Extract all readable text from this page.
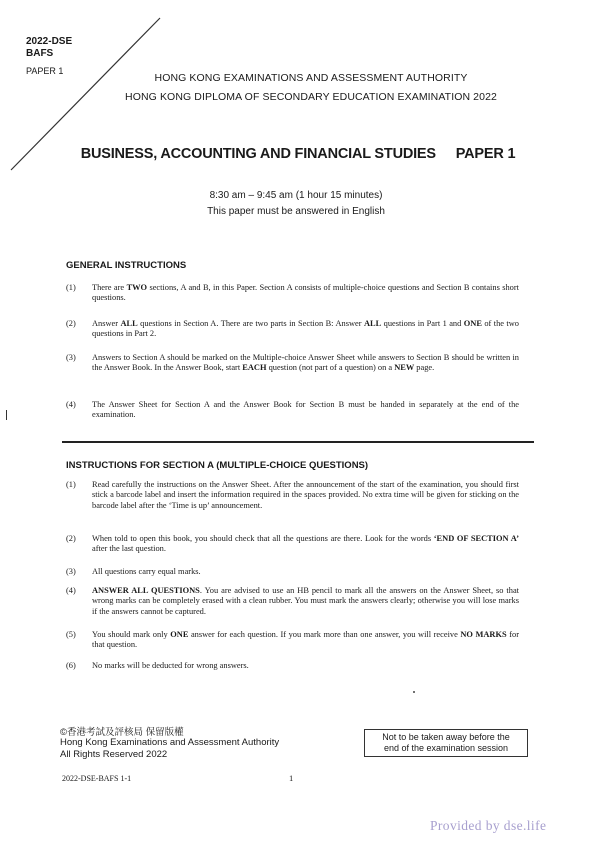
2022-DSE
BAFS
PAPER 1
HONG KONG EXAMINATIONS AND ASSESSMENT AUTHORITY
HONG KONG DIPLOMA OF SECONDARY EDUCATION EXAMINATION 2022
BUSINESS, ACCOUNTING AND FINANCIAL STUDIES PAPER 1
8:30 am – 9:45 am (1 hour 15 minutes)
This paper must be answered in English
GENERAL INSTRUCTIONS
(1)	There are TWO sections, A and B, in this Paper. Section A consists of multiple-choice questions and Section B contains short questions.
(2)	Answer ALL questions in Section A. There are two parts in Section B: Answer ALL questions in Part 1 and ONE of the two questions in Part 2.
(3)	Answers to Section A should be marked on the Multiple-choice Answer Sheet while answers to Section B should be written in the Answer Book. In the Answer Book, start EACH question (not part of a question) on a NEW page.
(4)	The Answer Sheet for Section A and the Answer Book for Section B must be handed in separately at the end of the examination.
INSTRUCTIONS FOR SECTION A (MULTIPLE-CHOICE QUESTIONS)
(1)	Read carefully the instructions on the Answer Sheet. After the announcement of the start of the examination, you should first stick a barcode label and insert the information required in the spaces provided. No extra time will be given for sticking on the barcode label after the ‘Time is up’ announcement.
(2)	When told to open this book, you should check that all the questions are there. Look for the words ‘END OF SECTION A’ after the last question.
(3)	All questions carry equal marks.
(4)	ANSWER ALL QUESTIONS. You are advised to use an HB pencil to mark all the answers on the Answer Sheet, so that wrong marks can be completely erased with a clean rubber. You must mark the answers clearly; otherwise you will lose marks if the answers cannot be captured.
(5)	You should mark only ONE answer for each question. If you mark more than one answer, you will receive NO MARKS for that question.
(6)	No marks will be deducted for wrong answers.
©香港考試及評核局 保留版權
Hong Kong Examinations and Assessment Authority
All Rights Reserved 2022
Not to be taken away before the
end of the examination session
2022-DSE-BAFS 1-1	1
Provided by dse.life
